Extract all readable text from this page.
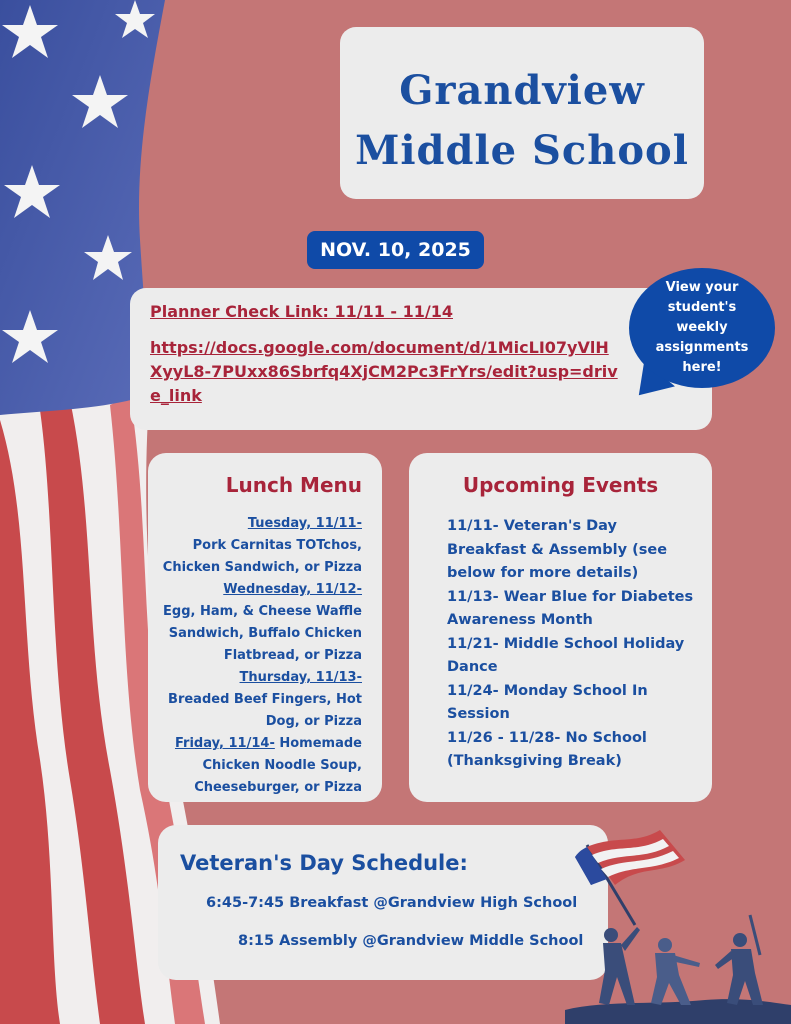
Grandview
Middle School
NOV. 10, 2025
Planner Check Link: 11/11 - 11/14
https://docs.google.com/document/d/1MicLI07yVlHXyyL8-7PUxx86Sbrfq4XjCM2Pc3FrYrs/edit?usp=drive_link
View your student's weekly assignments here!
Lunch Menu
Tuesday, 11/11-
Pork Carnitas TOTchos, Chicken Sandwich, or Pizza
Wednesday, 11/12-
Egg, Ham, & Cheese Waffle Sandwich, Buffalo Chicken Flatbread, or Pizza
Thursday, 11/13-
Breaded Beef Fingers, Hot Dog, or Pizza
Friday, 11/14- Homemade Chicken Noodle Soup, Cheeseburger, or Pizza
Upcoming Events
11/11- Veteran's Day Breakfast & Assembly (see below for more details)
11/13- Wear Blue for Diabetes Awareness Month
11/21- Middle School Holiday Dance
11/24- Monday School In Session
11/26 - 11/28- No School (Thanksgiving Break)
Veteran's Day Schedule:
6:45-7:45 Breakfast @Grandview High School
8:15 Assembly @Grandview Middle School
